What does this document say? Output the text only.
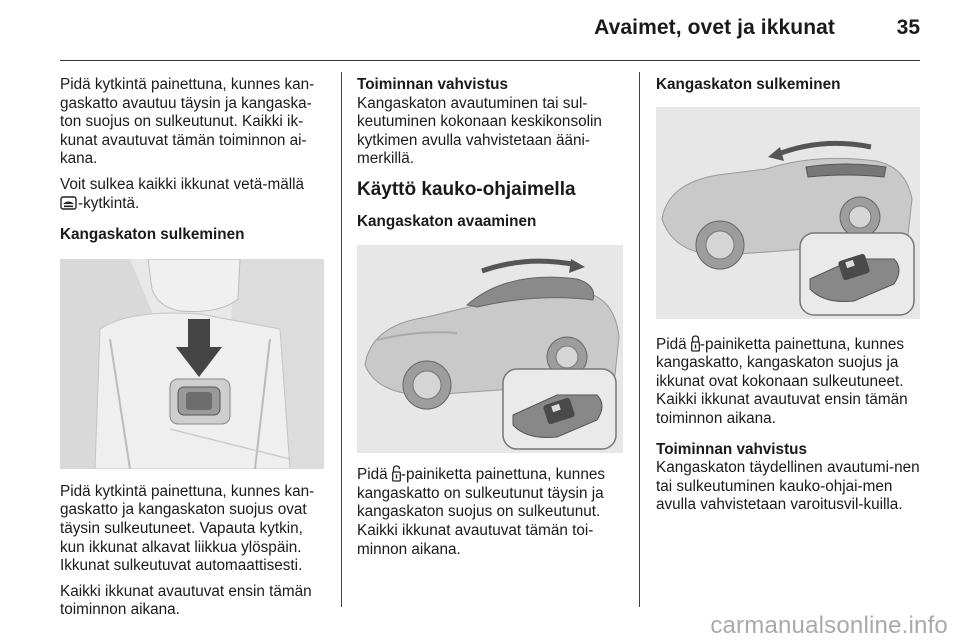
Avaimet, ovet ja ikkunat	35

Pidä kytkintä painettuna, kunnes kan-gaskatto avautuu täysin ja kangaska-ton suojus on sulkeutunut. Kaikki ik-kunat avautuvat tämän toiminnon ai-kana.

Voit sulkea kaikki ikkunat vetä-mällä -kytkintä.

Kangaskaton sulkeminen

Pidä kytkintä painettuna, kunnes kan-gaskatto ja kangaskaton suojus ovat täysin sulkeutuneet. Vapauta kytkin, kun ikkunat alkavat liikkua ylöspäin. Ikkunat sulkeutuvat automaattisesti.

Kaikki ikkunat avautuvat ensin tämän toiminnon aikana.

Toiminnan vahvistus

Kangaskaton avautuminen tai sul-keutuminen kokonaan keskikonsolin kytkimen avulla vahvistetaan ääni-merkillä.

Käyttö kauko-ohjaimella

Kangaskaton avaaminen

Pidä -painiketta painettuna, kunnes kangaskatto on sulkeutunut täysin ja kangaskaton suojus on sulkeutunut. Kaikki ikkunat avautuvat tämän toi-minnon aikana.

Kangaskaton sulkeminen

Pidä -painiketta painettuna, kunnes kangaskatto, kangaskaton suojus ja ikkunat ovat kokonaan sulkeutuneet. Kaikki ikkunat avautuvat ensin tämän toiminnon aikana.

Toiminnan vahvistus

Kangaskaton täydellinen avautumi-nen tai sulkeutuminen kauko-ohjai-men avulla vahvistetaan varoitusvil-kuilla.

carmanualsonline.info
